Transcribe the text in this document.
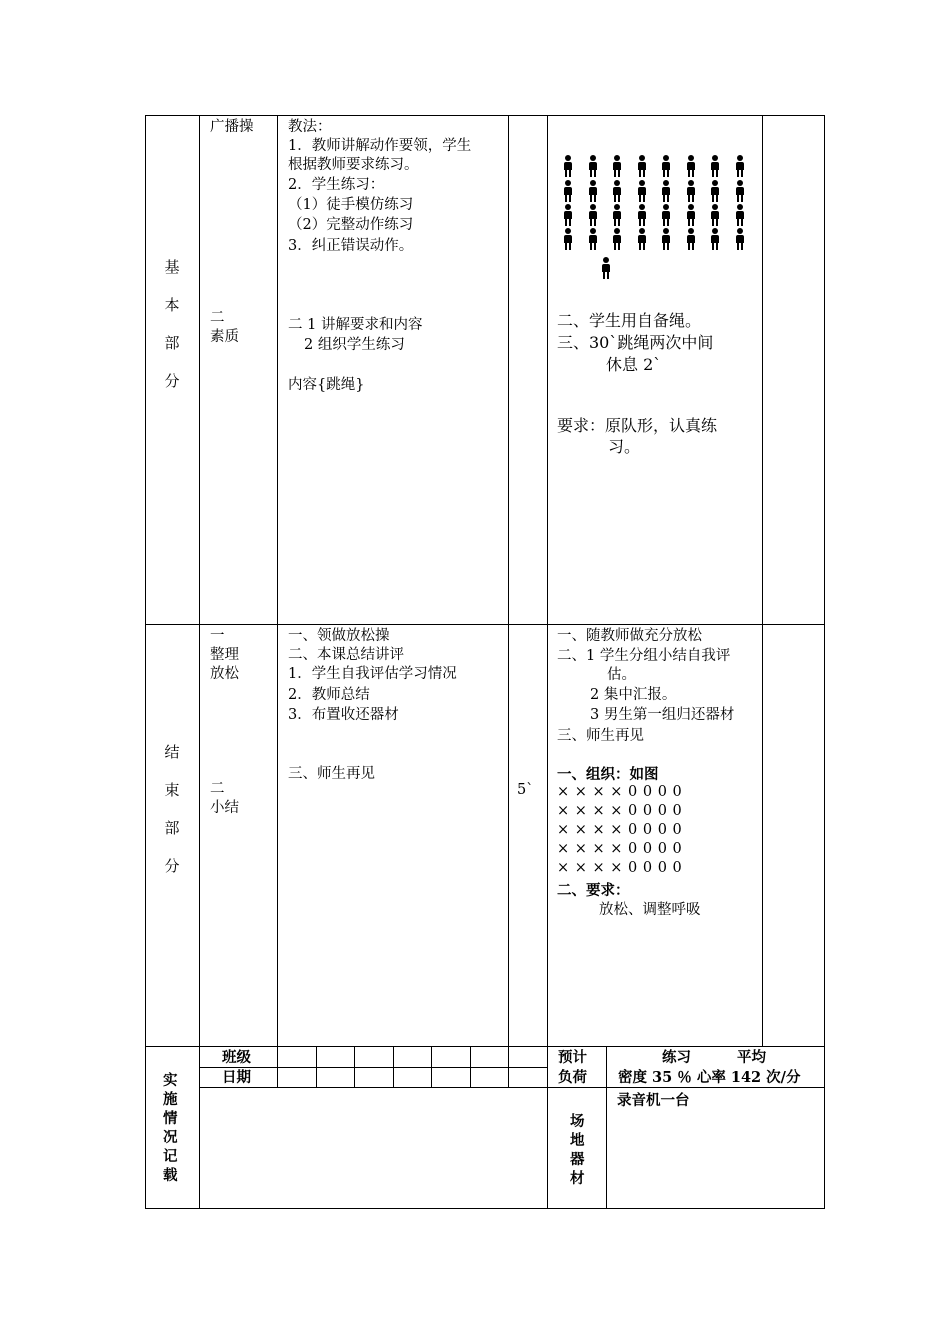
基
本
部
分
广播操
二
素质
教法：
1．教师讲解动作要领，学生
根据教师要求练习。
2．学生练习：
（1）徒手模仿练习
（2）完整动作练习
3．纠正错误动作。
二 1 讲解要求和内容
2 组织学生练习
内容{跳绳}
二、学生用自备绳。
三、30`跳绳两次中间
休息 2`
要求：原队形，认真练
习。
结
束
部
分
一
整理
放松
二
小结
一、领做放松操
二、本课总结讲评
1．学生自我评估学习情况
2．教师总结
3．布置收还器材
三、师生再见
5`
一、随教师做充分放松
二、1 学生分组小结自我评
估。
2 集中汇报。
3 男生第一组归还器材
三、师生再见
一、组织：如图
× × × × 0 0 0 0
× × × × 0 0 0 0
× × × × 0 0 0 0
× × × × 0 0 0 0
× × × × 0 0 0 0
二、要求：
放松、调整呼吸
实
施
情
况
记
载
班级
日期
预计
负荷
练习	平均
密度 35 ％ 心率 142 次/分
场
地
器
材
录音机一台
